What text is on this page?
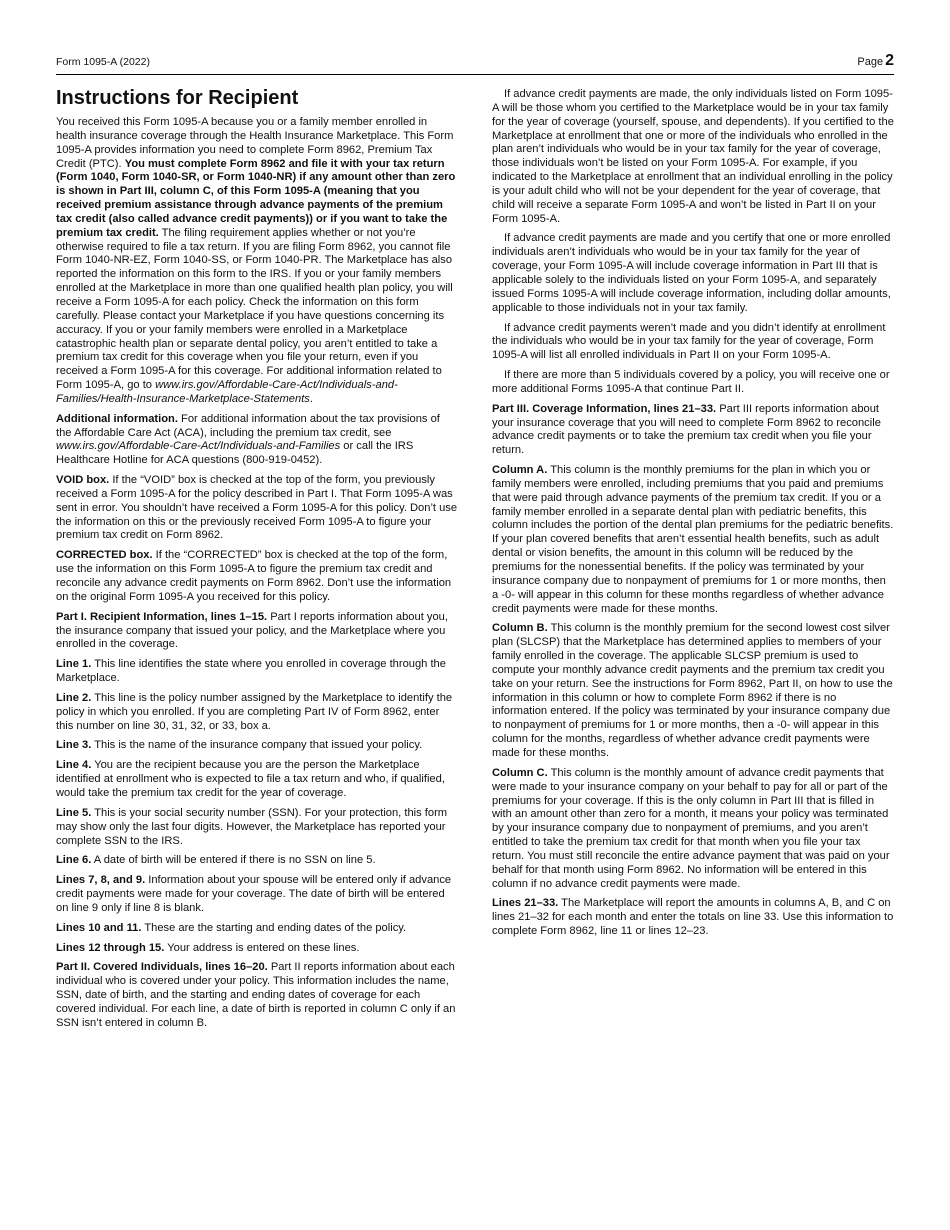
Form 1095-A (2022)	Page 2
Instructions for Recipient

You received this Form 1095-A because you or a family member enrolled in health insurance coverage through the Health Insurance Marketplace. This Form 1095-A provides information you need to complete Form 8962, Premium Tax Credit (PTC). You must complete Form 8962 and file it with your tax return (Form 1040, Form 1040-SR, or Form 1040-NR) if any amount other than zero is shown in Part III, column C, of this Form 1095-A (meaning that you received premium assistance through advance payments of the premium tax credit (also called advance credit payments)) or if you want to take the premium tax credit. The filing requirement applies whether or not you’re otherwise required to file a tax return. If you are filing Form 8962, you cannot file Form 1040-NR-EZ, Form 1040-SS, or Form 1040-PR. The Marketplace has also reported the information on this form to the IRS. If you or your family members enrolled at the Marketplace in more than one qualified health plan policy, you will receive a Form 1095-A for each policy. Check the information on this form carefully. Please contact your Marketplace if you have questions concerning its accuracy. If you or your family members were enrolled in a Marketplace catastrophic health plan or separate dental policy, you aren’t entitled to take a premium tax credit for this coverage when you file your return, even if you received a Form 1095-A for this coverage. For additional information related to Form 1095-A, go to www.irs.gov/Affordable-Care-Act/Individuals-and-Families/Health-Insurance-Marketplace-Statements.

Additional information. For additional information about the tax provisions of the Affordable Care Act (ACA), including the premium tax credit, see www.irs.gov/Affordable-Care-Act/Individuals-and-Families or call the IRS Healthcare Hotline for ACA questions (800-919-0452).

VOID box. If the “VOID” box is checked at the top of the form, you previously received a Form 1095-A for the policy described in Part I. That Form 1095-A was sent in error. You shouldn’t have received a Form 1095-A for this policy. Don’t use the information on this or the previously received Form 1095-A to figure your premium tax credit on Form 8962.

CORRECTED box. If the “CORRECTED” box is checked at the top of the form, use the information on this Form 1095-A to figure the premium tax credit and reconcile any advance credit payments on Form 8962. Don’t use the information on the original Form 1095-A you received for this policy.

Part I. Recipient Information, lines 1–15. Part I reports information about you, the insurance company that issued your policy, and the Marketplace where you enrolled in the coverage.

Line 1. This line identifies the state where you enrolled in coverage through the Marketplace.

Line 2. This line is the policy number assigned by the Marketplace to identify the policy in which you enrolled. If you are completing Part IV of Form 8962, enter this number on line 30, 31, 32, or 33, box a.

Line 3. This is the name of the insurance company that issued your policy.

Line 4. You are the recipient because you are the person the Marketplace identified at enrollment who is expected to file a tax return and who, if qualified, would take the premium tax credit for the year of coverage.

Line 5. This is your social security number (SSN). For your protection, this form may show only the last four digits. However, the Marketplace has reported your complete SSN to the IRS.

Line 6. A date of birth will be entered if there is no SSN on line 5.

Lines 7, 8, and 9. Information about your spouse will be entered only if advance credit payments were made for your coverage. The date of birth will be entered on line 9 only if line 8 is blank.

Lines 10 and 11. These are the starting and ending dates of the policy.

Lines 12 through 15. Your address is entered on these lines.

Part II. Covered Individuals, lines 16–20. Part II reports information about each individual who is covered under your policy. This information includes the name, SSN, date of birth, and the starting and ending dates of coverage for each covered individual. For each line, a date of birth is reported in column C only if an SSN isn’t entered in column B.

If advance credit payments are made, the only individuals listed on Form 1095-A will be those whom you certified to the Marketplace would be in your tax family for the year of coverage (yourself, spouse, and dependents). If you certified to the Marketplace at enrollment that one or more of the individuals who enrolled in the plan aren’t individuals who would be in your tax family for the year of coverage, those individuals won’t be listed on your Form 1095-A. For example, if you indicated to the Marketplace at enrollment that an individual enrolling in the policy is your adult child who will not be your dependent for the year of coverage, that child will receive a separate Form 1095-A and won’t be listed in Part II on your Form 1095-A.

If advance credit payments are made and you certify that one or more enrolled individuals aren’t individuals who would be in your tax family for the year of coverage, your Form 1095-A will include coverage information in Part III that is applicable solely to the individuals listed on your Form 1095-A, and separately issued Forms 1095-A will include coverage information, including dollar amounts, applicable to those individuals not in your tax family.

If advance credit payments weren’t made and you didn’t identify at enrollment the individuals who would be in your tax family for the year of coverage, Form 1095-A will list all enrolled individuals in Part II on your Form 1095-A.

If there are more than 5 individuals covered by a policy, you will receive one or more additional Forms 1095-A that continue Part II.

Part III. Coverage Information, lines 21–33. Part III reports information about your insurance coverage that you will need to complete Form 8962 to reconcile advance credit payments or to take the premium tax credit when you file your return.

Column A. This column is the monthly premiums for the plan in which you or family members were enrolled, including premiums that you paid and premiums that were paid through advance payments of the premium tax credit. If you or a family member enrolled in a separate dental plan with pediatric benefits, this column includes the portion of the dental plan premiums for the pediatric benefits. If your plan covered benefits that aren’t essential health benefits, such as adult dental or vision benefits, the amount in this column will be reduced by the premiums for the nonessential benefits. If the policy was terminated by your insurance company due to nonpayment of premiums for 1 or more months, then a -0- will appear in this column for these months regardless of whether advance credit payments were made for these months.

Column B. This column is the monthly premium for the second lowest cost silver plan (SLCSP) that the Marketplace has determined applies to members of your family enrolled in the coverage. The applicable SLCSP premium is used to compute your monthly advance credit payments and the premium tax credit you take on your return. See the instructions for Form 8962, Part II, on how to use the information in this column or how to complete Form 8962 if there is no information entered. If the policy was terminated by your insurance company due to nonpayment of premiums for 1 or more months, then a -0- will appear in this column for the months, regardless of whether advance credit payments were made for these months.

Column C. This column is the monthly amount of advance credit payments that were made to your insurance company on your behalf to pay for all or part of the premiums for your coverage. If this is the only column in Part III that is filled in with an amount other than zero for a month, it means your policy was terminated by your insurance company due to nonpayment of premiums, and you aren’t entitled to take the premium tax credit for that month when you file your tax return. You must still reconcile the entire advance payment that was paid on your behalf for that month using Form 8962. No information will be entered in this column if no advance credit payments were made.

Lines 21–33. The Marketplace will report the amounts in columns A, B, and C on lines 21–32 for each month and enter the totals on line 33. Use this information to complete Form 8962, line 11 or lines 12–23.
